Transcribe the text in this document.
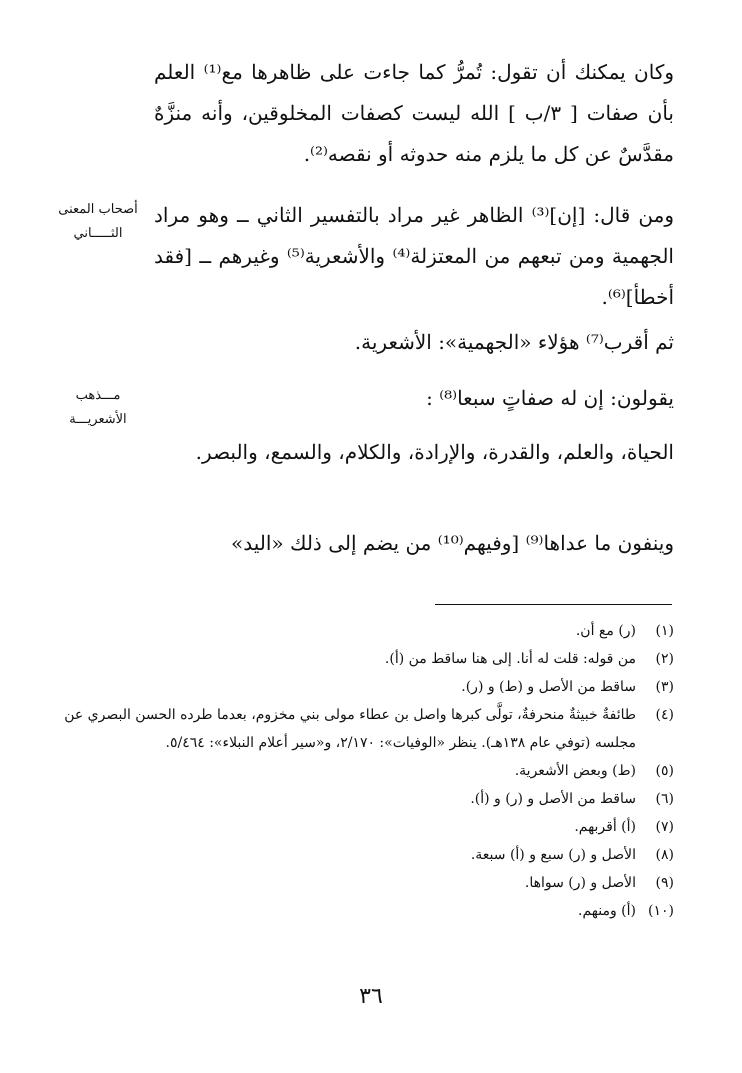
وكان يمكنك أن تقول: تُمرُّ كما جاءت على ظاهرها مع⁽¹⁾ العلم بأن صفات [ ٣/ب ] الله ليست كصفات المخلوقين، وأنه منزَّهٌ مقدَّسٌ عن كل ما يلزم منه حدوثه أو نقصه⁽²⁾.

ومن قال: [إن]⁽³⁾ الظاهر غير مراد بالتفسير الثاني ــ وهو مراد الجهمية ومن تبعهم من المعتزلة⁽⁴⁾ والأشعرية⁽⁵⁾ وغيرهم ــ [فقد أخطأ]⁽⁶⁾.

ثم أقرب⁽⁷⁾ هؤلاء «الجهمية»: الأشعرية.

يقولون: إن له صفاتٍ سبعا⁽⁸⁾ :

الحياة، والعلم، والقدرة، والإرادة، والكلام، والسمع، والبصر.

وينفون ما عداها⁽⁹⁾ [وفيهم⁽¹⁰⁾ من يضم إلى ذلك «اليد»

أصحاب المعنى
الثـــــاني
مـــذهب
الأشعريـــة
(١)
(ر) مع أن.
(٢)
من قوله: قلت له أنا. إلى هنا ساقط من (أ).
(٣)
ساقط من الأصل و (ط) و (ر).
(٤)
طائفةٌ خبيثةٌ منحرفةٌ، تولَّى كبرها واصل بن عطاء مولى بني مخزوم، بعدما طرده الحسن البصري عن مجلسه (توفي عام ١٣٨هـ). ينظر «الوفيات»: ٢/١٧٠، و«سير أعلام النبلاء»: ٥/٤٦٤.
(٥)
(ط) وبعض الأشعرية.
(٦)
ساقط من الأصل و (ر) و (أ).
(٧)
(أ) أقربهم.
(٨)
الأصل و (ر) سبع و (أ) سبعة.
(٩)
الأصل و (ر) سواها.
(١٠)
(أ) ومنهم.
٣٦
